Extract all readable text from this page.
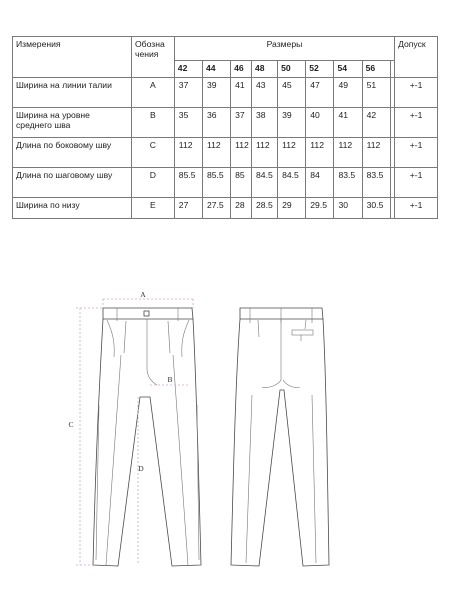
Измерения	Обозна чения	Размеры									Допуск
		42	44	46	48	50	52	54	56		
Ширина на линии талии	A	37	39	41	43	45	47	49	51		+-1
Ширина на уровне среднего шва	B	35	36	37	38	39	40	41	42		+-1
Длина по боковому шву	C	112	112	112	112	112	112	112	112		+-1
Длина по шаговому шву	D	85.5	85.5	85	84.5	84.5	84	83.5	83.5		+-1
Ширина по низу	E	27	27.5	28	28.5	29	29.5	30	30.5		+-1
A
B
C
D
